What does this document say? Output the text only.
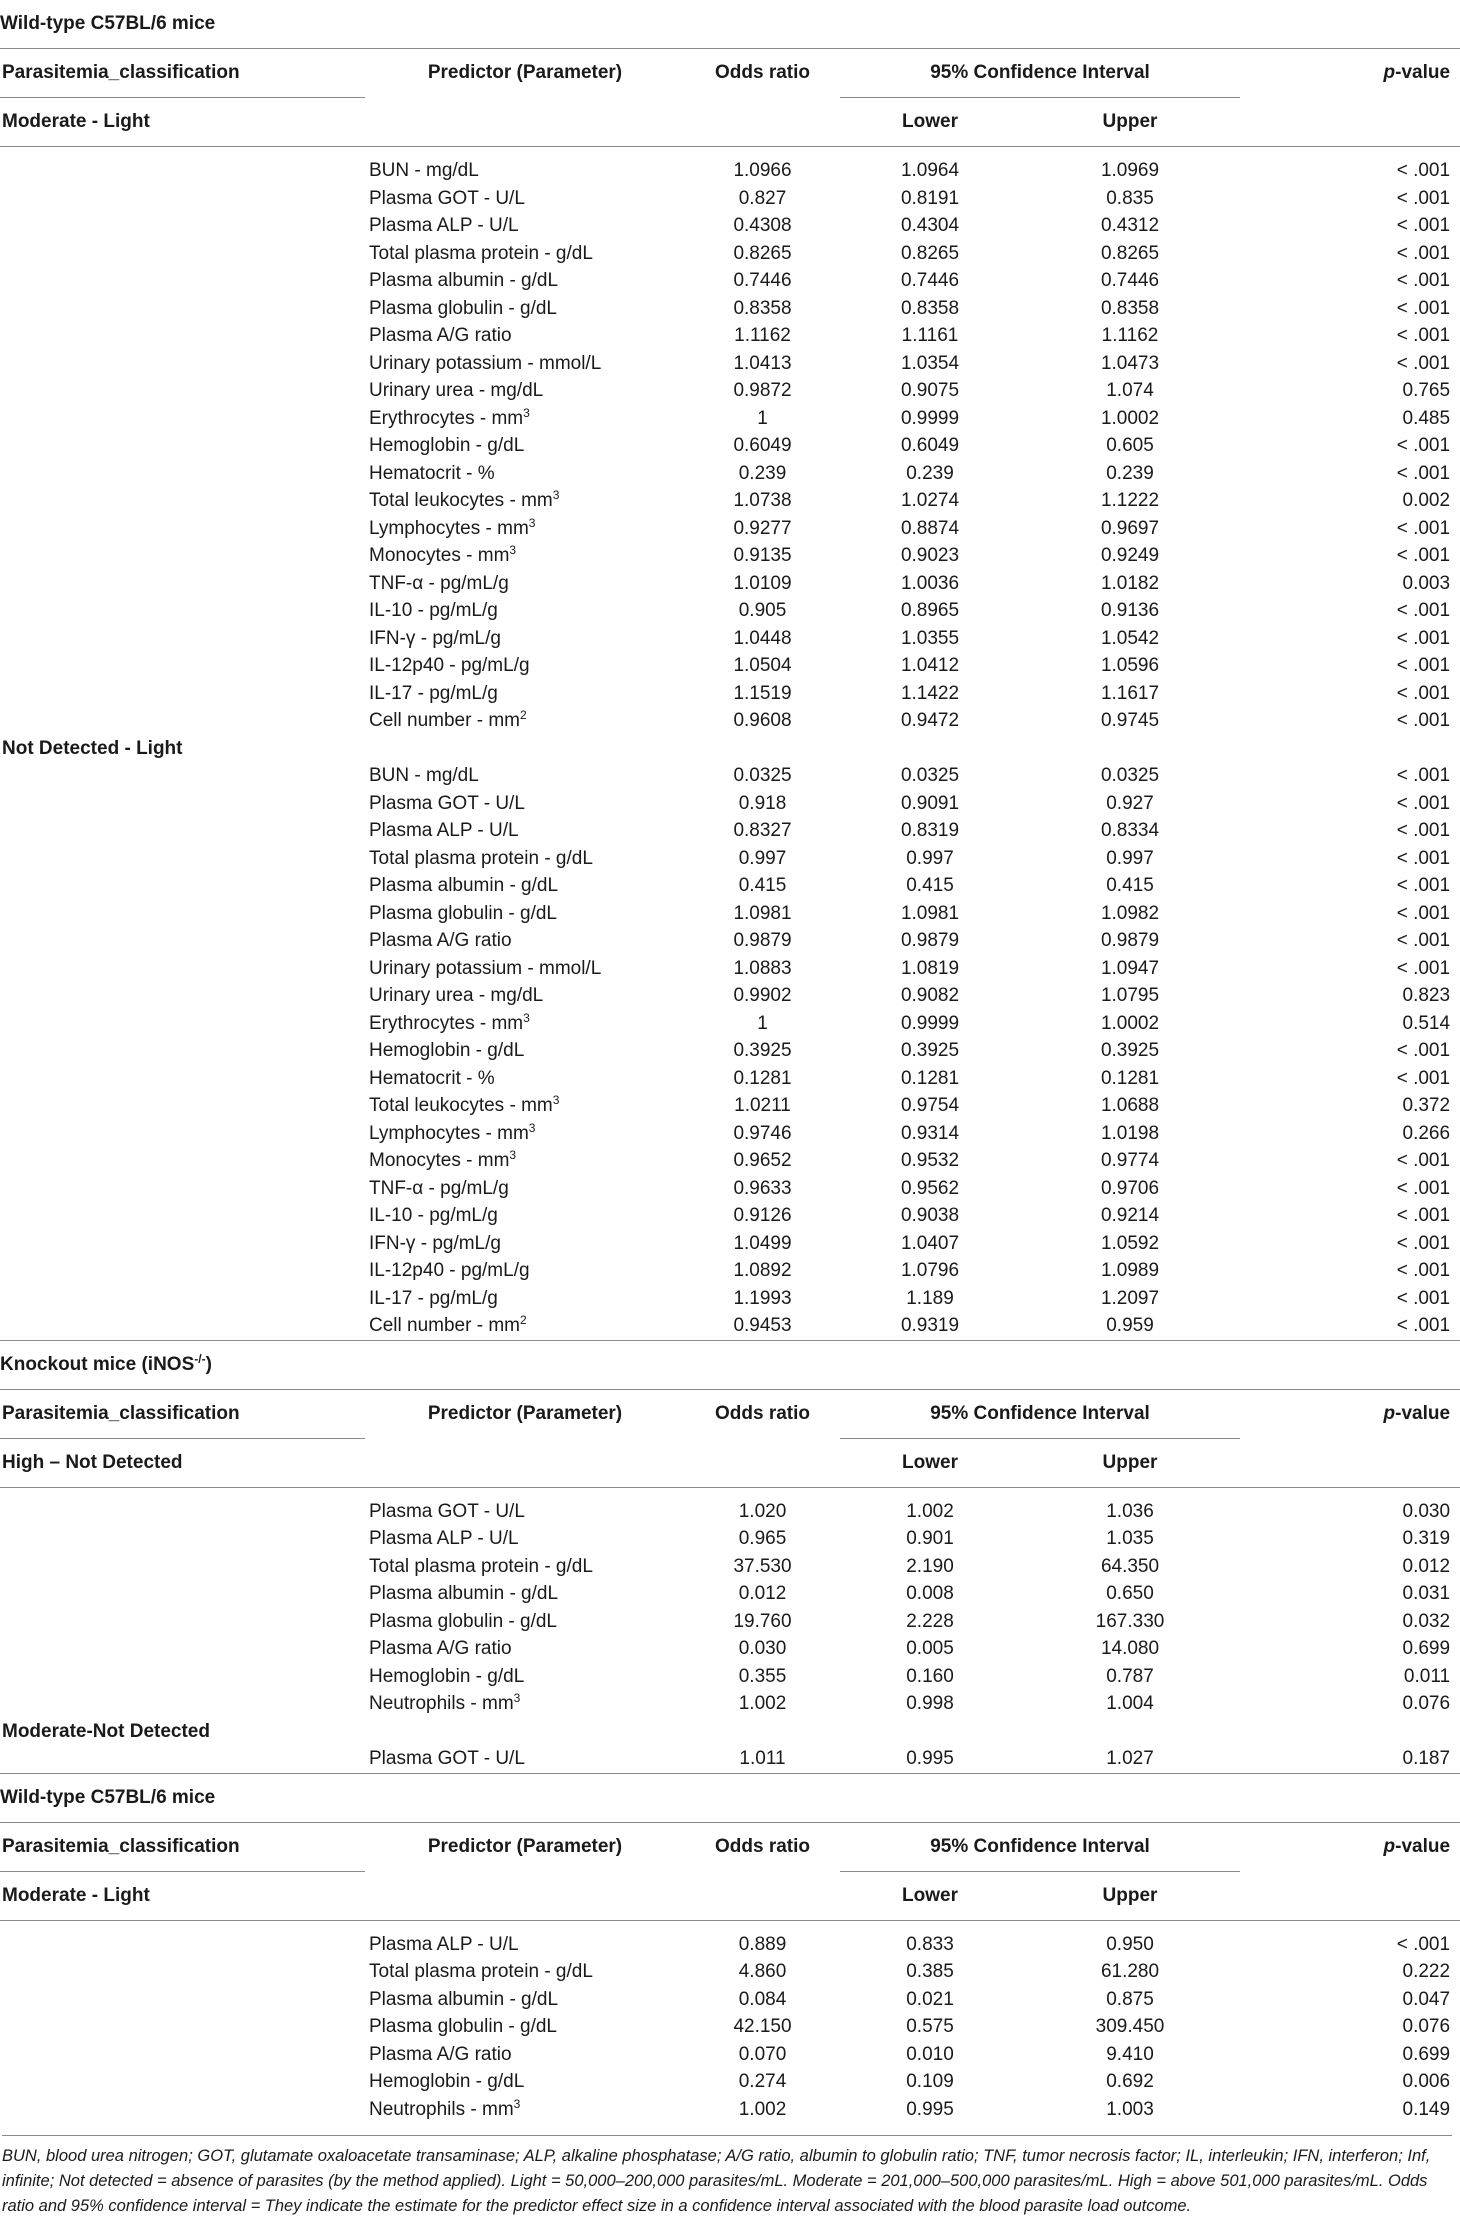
Wild-type C57BL/6 mice					
Parasitemia_classification	Predictor (Parameter)	Odds ratio	95% Confidence Interval		p-value
Moderate - Light			Lower	Upper	

	BUN - mg/dL	1.0966	1.0964	1.0969	< .001
	Plasma GOT - U/L	0.827	0.8191	0.835	< .001
	Plasma ALP - U/L	0.4308	0.4304	0.4312	< .001
	Total plasma protein - g/dL	0.8265	0.8265	0.8265	< .001
	Plasma albumin - g/dL	0.7446	0.7446	0.7446	< .001
	Plasma globulin - g/dL	0.8358	0.8358	0.8358	< .001
	Plasma A/G ratio	1.1162	1.1161	1.1162	< .001
	Urinary potassium - mmol/L	1.0413	1.0354	1.0473	< .001
	Urinary urea - mg/dL	0.9872	0.9075	1.074	0.765
	Erythrocytes - $mm^3$	1	0.9999	1.0002	0.485
	Hemoglobin - g/dL	0.6049	0.6049	0.605	< .001
	Hematocrit - %	0.239	0.239	0.239	< .001
	Total leukocytes - $mm^3$	1.0738	1.0274	1.1222	0.002
	Lymphocytes - $mm^3$	0.9277	0.8874	0.9697	< .001
	Monocytes - $mm^3$	0.9135	0.9023	0.9249	< .001
	TNF-α - pg/mL/g	1.0109	1.0036	1.0182	0.003
	IL-10 - pg/mL/g	0.905	0.8965	0.9136	< .001
	IFN-γ - pg/mL/g	1.0448	1.0355	1.0542	< .001
	IL-12p40 - pg/mL/g	1.0504	1.0412	1.0596	< .001
	IL-17 - pg/mL/g	1.1519	1.1422	1.1617	< .001
	Cell number - $mm^2$	0.9608	0.9472	0.9745	< .001
Not Detected - Light					
	BUN - mg/dL	0.0325	0.0325	0.0325	< .001
	Plasma GOT - U/L	0.918	0.9091	0.927	< .001
	Plasma ALP - U/L	0.8327	0.8319	0.8334	< .001
	Total plasma protein - g/dL	0.997	0.997	0.997	< .001
	Plasma albumin - g/dL	0.415	0.415	0.415	< .001
	Plasma globulin - g/dL	1.0981	1.0981	1.0982	< .001
	Plasma A/G ratio	0.9879	0.9879	0.9879	< .001
	Urinary potassium - mmol/L	1.0883	1.0819	1.0947	< .001
	Urinary urea - mg/dL	0.9902	0.9082	1.0795	0.823
	Erythrocytes - $mm^3$	1	0.9999	1.0002	0.514
	Hemoglobin - g/dL	0.3925	0.3925	0.3925	< .001
	Hematocrit - %	0.1281	0.1281	0.1281	< .001
	Total leukocytes - $mm^3$	1.0211	0.9754	1.0688	0.372
	Lymphocytes - $mm^3$	0.9746	0.9314	1.0198	0.266
	Monocytes - $mm^3$	0.9652	0.9532	0.9774	< .001
	TNF-α - pg/mL/g	0.9633	0.9562	0.9706	< .001
	IL-10 - pg/mL/g	0.9126	0.9038	0.9214	< .001
	IFN-γ - pg/mL/g	1.0499	1.0407	1.0592	< .001
	IL-12p40 - pg/mL/g	1.0892	1.0796	1.0989	< .001
	IL-17 - pg/mL/g	1.1993	1.189	1.2097	< .001
	Cell number - $mm^2$	0.9453	0.9319	0.959	< .001
Knockout mice (iNOS-/-)					
Parasitemia_classification	Predictor (Parameter)	Odds ratio	95% Confidence Interval		p-value
High – Not Detected			Lower	Upper	

	Plasma GOT - U/L	1.020	1.002	1.036	0.030
	Plasma ALP - U/L	0.965	0.901	1.035	0.319
	Total plasma protein - g/dL	37.530	2.190	64.350	0.012
	Plasma albumin - g/dL	0.012	0.008	0.650	0.031
	Plasma globulin - g/dL	19.760	2.228	167.330	0.032
	Plasma A/G ratio	0.030	0.005	14.080	0.699
	Hemoglobin - g/dL	0.355	0.160	0.787	0.011
	Neutrophils - $mm^3$	1.002	0.998	1.004	0.076
Moderate-Not Detected					
	Plasma GOT - U/L	1.011	0.995	1.027	0.187
Wild-type C57BL/6 mice					
Parasitemia_classification	Predictor (Parameter)	Odds ratio	95% Confidence Interval		p-value
Moderate - Light			Lower	Upper	

	Plasma ALP - U/L	0.889	0.833	0.950	< .001
	Total plasma protein - g/dL	4.860	0.385	61.280	0.222
	Plasma albumin - g/dL	0.084	0.021	0.875	0.047
	Plasma globulin - g/dL	42.150	0.575	309.450	0.076
	Plasma A/G ratio	0.070	0.010	9.410	0.699
	Hemoglobin - g/dL	0.274	0.109	0.692	0.006
	Neutrophils - $mm^3$	1.002	0.995	1.003	0.149
BUN, blood urea nitrogen; GOT, glutamate oxaloacetate transaminase; ALP, alkaline phosphatase; A/G ratio, albumin to globulin ratio; TNF, tumor necrosis factor; IL, interleukin; IFN, interferon; Inf, infinite; Not detected = absence of parasites (by the method applied). Light = 50,000–200,000 parasites/mL. Moderate = 201,000–500,000 parasites/mL. High = above 501,000 parasites/mL. Odds ratio and 95% confidence interval = They indicate the estimate for the predictor effect size in a confidence interval associated with the blood parasite load outcome.
